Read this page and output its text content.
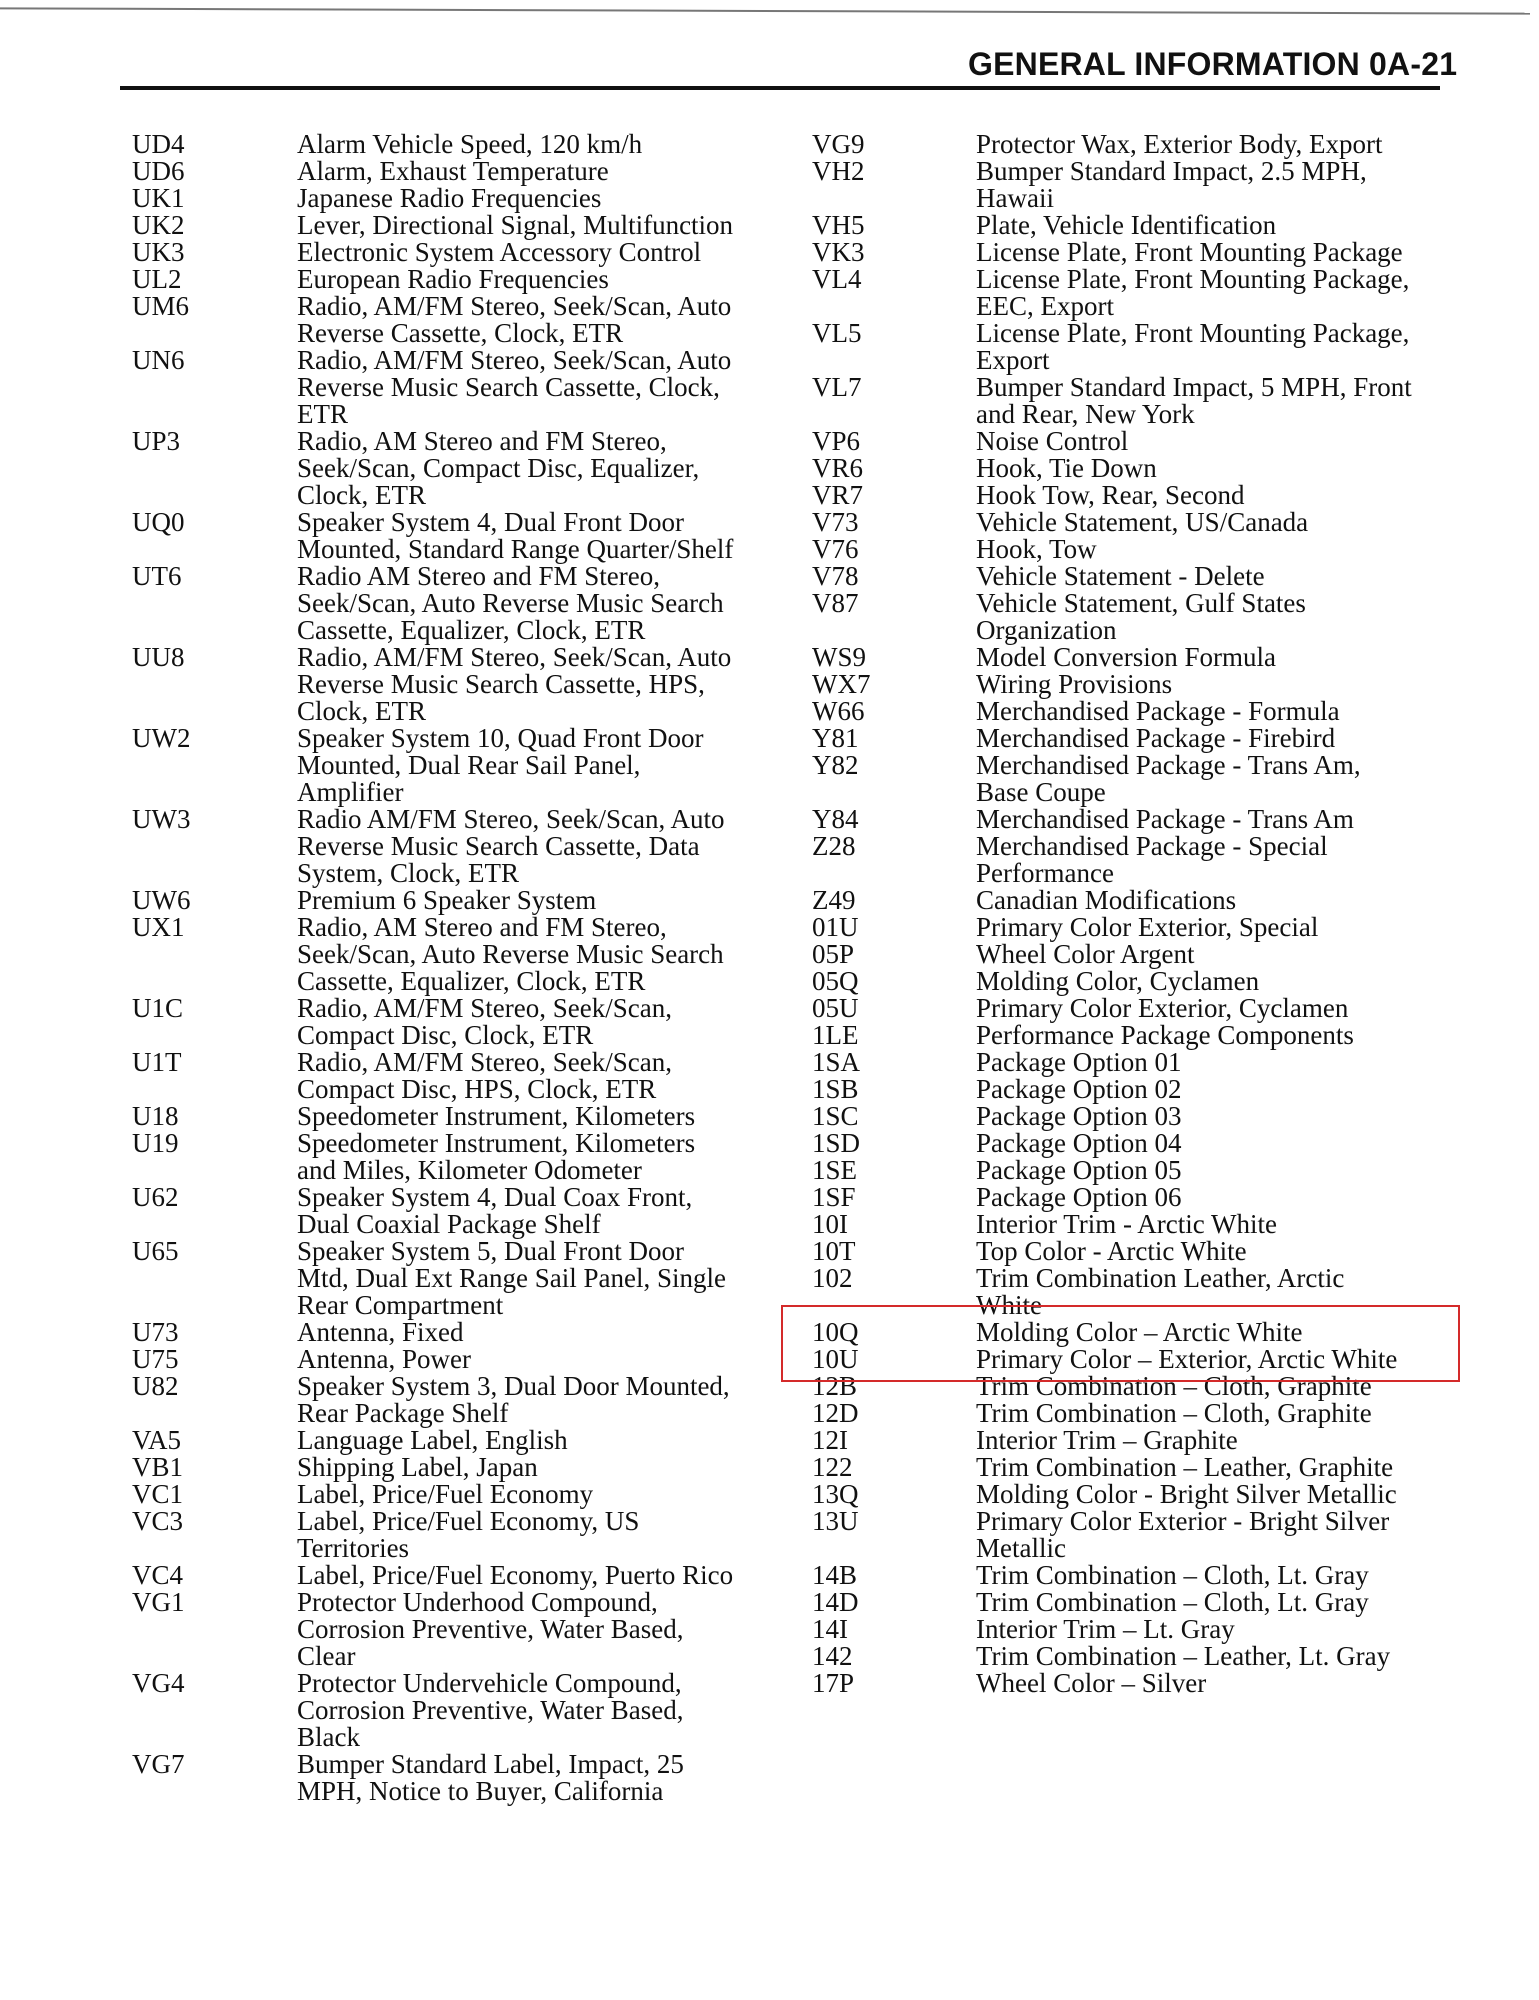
GENERAL INFORMATION 0A-21
UD4	Alarm Vehicle Speed, 120 km/h
UD6	Alarm, Exhaust Temperature
UK1	Japanese Radio Frequencies
UK2	Lever, Directional Signal, Multifunction
UK3	Electronic System Accessory Control
UL2	European Radio Frequencies
UM6	Radio, AM/FM Stereo, Seek/Scan, Auto
Reverse Cassette, Clock, ETR
UN6	Radio, AM/FM Stereo, Seek/Scan, Auto
Reverse Music Search Cassette, Clock,
ETR
UP3	Radio, AM Stereo and FM Stereo,
Seek/Scan, Compact Disc, Equalizer,
Clock, ETR
UQ0	Speaker System 4, Dual Front Door
Mounted, Standard Range Quarter/Shelf
UT6	Radio AM Stereo and FM Stereo,
Seek/Scan, Auto Reverse Music Search
Cassette, Equalizer, Clock, ETR
UU8	Radio, AM/FM Stereo, Seek/Scan, Auto
Reverse Music Search Cassette, HPS,
Clock, ETR
UW2	Speaker System 10, Quad Front Door
Mounted, Dual Rear Sail Panel,
Amplifier
UW3	Radio AM/FM Stereo, Seek/Scan, Auto
Reverse Music Search Cassette, Data
System, Clock, ETR
UW6	Premium 6 Speaker System
UX1	Radio, AM Stereo and FM Stereo,
Seek/Scan, Auto Reverse Music Search
Cassette, Equalizer, Clock, ETR
U1C	Radio, AM/FM Stereo, Seek/Scan,
Compact Disc, Clock, ETR
U1T	Radio, AM/FM Stereo, Seek/Scan,
Compact Disc, HPS, Clock, ETR
U18	Speedometer Instrument, Kilometers
U19	Speedometer Instrument, Kilometers
and Miles, Kilometer Odometer
U62	Speaker System 4, Dual Coax Front,
Dual Coaxial Package Shelf
U65	Speaker System 5, Dual Front Door
Mtd, Dual Ext Range Sail Panel, Single
Rear Compartment
U73	Antenna, Fixed
U75	Antenna, Power
U82	Speaker System 3, Dual Door Mounted,
Rear Package Shelf
VA5	Language Label, English
VB1	Shipping Label, Japan
VC1	Label, Price/Fuel Economy
VC3	Label, Price/Fuel Economy, US
Territories
VC4	Label, Price/Fuel Economy, Puerto Rico
VG1	Protector Underhood Compound,
Corrosion Preventive, Water Based,
Clear
VG4	Protector Undervehicle Compound,
Corrosion Preventive, Water Based,
Black
VG7	Bumper Standard Label, Impact, 25
MPH, Notice to Buyer, California
VG9	Protector Wax, Exterior Body, Export
VH2	Bumper Standard Impact, 2.5 MPH,
Hawaii
VH5	Plate, Vehicle Identification
VK3	License Plate, Front Mounting Package
VL4	License Plate, Front Mounting Package,
EEC, Export
VL5	License Plate, Front Mounting Package,
Export
VL7	Bumper Standard Impact, 5 MPH, Front
and Rear, New York
VP6	Noise Control
VR6	Hook, Tie Down
VR7	Hook Tow, Rear, Second
V73	Vehicle Statement, US/Canada
V76	Hook, Tow
V78	Vehicle Statement - Delete
V87	Vehicle Statement, Gulf States
Organization
WS9	Model Conversion Formula
WX7	Wiring Provisions
W66	Merchandised Package - Formula
Y81	Merchandised Package - Firebird
Y82	Merchandised Package - Trans Am,
Base Coupe
Y84	Merchandised Package - Trans Am
Z28	Merchandised Package - Special
Performance
Z49	Canadian Modifications
01U	Primary Color Exterior, Special
05P	Wheel Color Argent
05Q	Molding Color, Cyclamen
05U	Primary Color Exterior, Cyclamen
1LE	Performance Package Components
1SA	Package Option 01
1SB	Package Option 02
1SC	Package Option 03
1SD	Package Option 04
1SE	Package Option 05
1SF	Package Option 06
10I	Interior Trim - Arctic White
10T	Top Color - Arctic White
102	Trim Combination Leather, Arctic
White
10Q	Molding Color – Arctic White
10U	Primary Color – Exterior, Arctic White
12B	Trim Combination – Cloth, Graphite
12D	Trim Combination – Cloth, Graphite
12I	Interior Trim – Graphite
122	Trim Combination – Leather, Graphite
13Q	Molding Color - Bright Silver Metallic
13U	Primary Color Exterior - Bright Silver
Metallic
14B	Trim Combination – Cloth, Lt. Gray
14D	Trim Combination – Cloth, Lt. Gray
14I	Interior Trim – Lt. Gray
142	Trim Combination – Leather, Lt. Gray
17P	Wheel Color – Silver
